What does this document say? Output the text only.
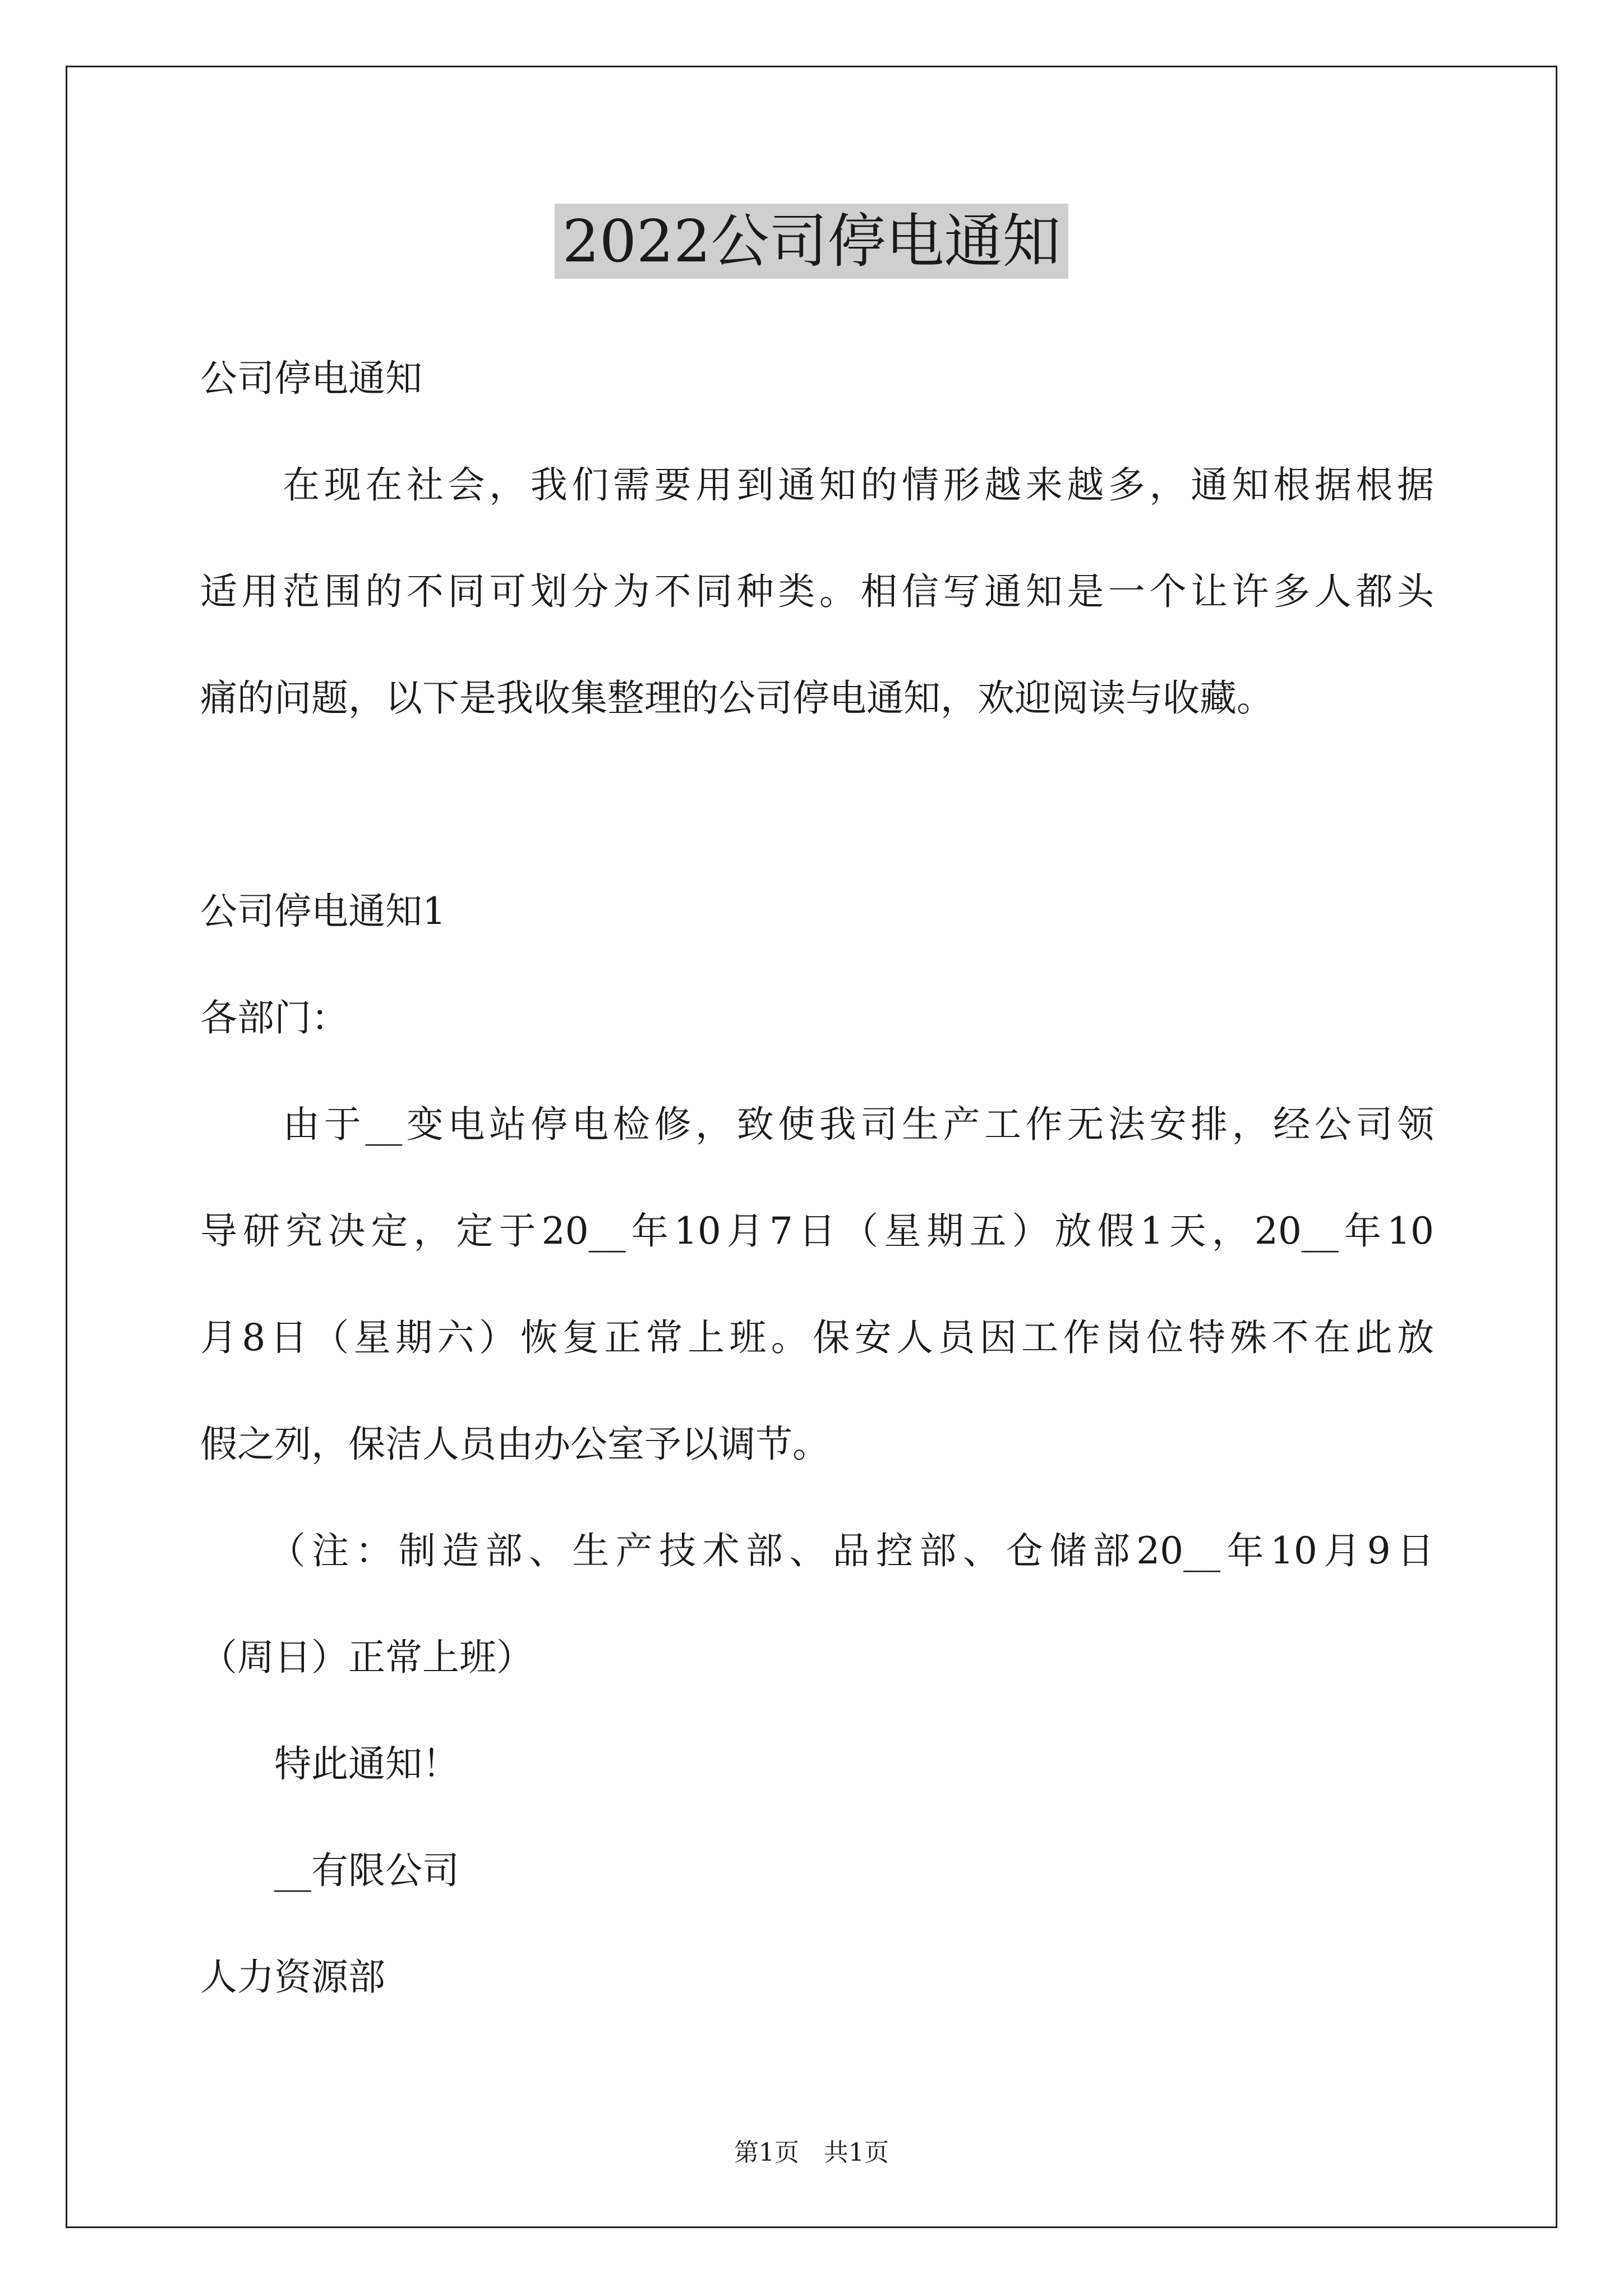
2022公司停电通知
公司停电通知
　　在现在社会，我们需要用到通知的情形越来越多，通知根据根据
适用范围的不同可划分为不同种类。相信写通知是一个让许多人都头
痛的问题，以下是我收集整理的公司停电通知，欢迎阅读与收藏。
公司停电通知1
各部门：
　　由于__变电站停电检修，致使我司生产工作无法安排，经公司领
导研究决定，定于20__年10月7日（星期五）放假1天，20__年10
月8日（星期六）恢复正常上班。保安人员因工作岗位特殊不在此放
假之列，保洁人员由办公室予以调节。
　　（注：制造部、生产技术部、品控部、仓储部20__年10月9日
（周日）正常上班）
　　特此通知！
　　__有限公司
人力资源部
第1页　共1页
